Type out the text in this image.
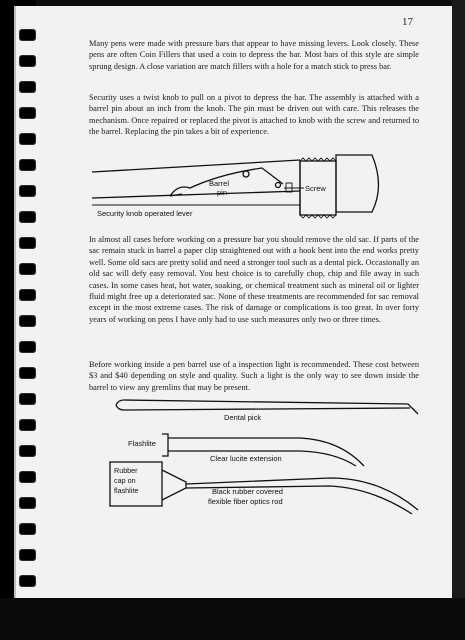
17

Many pens were made with pressure bars that appear to have missing levers. Look closely. These pens are often Coin Fillers that used a coin to depress the bar. Most bars of this style are simple sprung design. A close variation are match fillers with a hole for a match stick to press bar.

Security uses a twist knob to pull on a pivot to depress the bar. The assembly is attached with a barrel pin about an inch from the knob. The pin must be driven out with care. This releases the mechanism. Once repaired or replaced the pivot is attached to knob with the screw and returned to the barrel. Replacing the pin takes a bit of experience.

In almost all cases before working on a pressure bar you should remove the old sac. If parts of the sac remain stuck in barrel a paper clip straightened out with a hook bent into the end works pretty well. Some old sacs are pretty solid and need a stronger tool such as a dental pick. Occasionally an old sac will defy easy removal. You best choice is to carefully chop, chip and file away in such cases. In some cases heat, hot water, soaking, or chemical treatment such as mineral oil or lighter fluid might free up a deteriorated sac. None of these treatments are recommended for sac removal except in the most extreme cases. The risk of damage or complications is too great. In over forty years of working on pens I have only had to use such measures only two or three times.

Before working inside a pen barrel use of a inspection light is recommended. These cost between $3 and $40 depending on style and quality. Such a light is the only way to see down inside the barrel to view any gremlins that may be present.

Barrel
pin	Screw
Security knob operated lever
Dental pick
Flashlite
Clear lucite extension
Rubber
cap on
flashlite	Black rubber covered
flexible fiber optics rod
